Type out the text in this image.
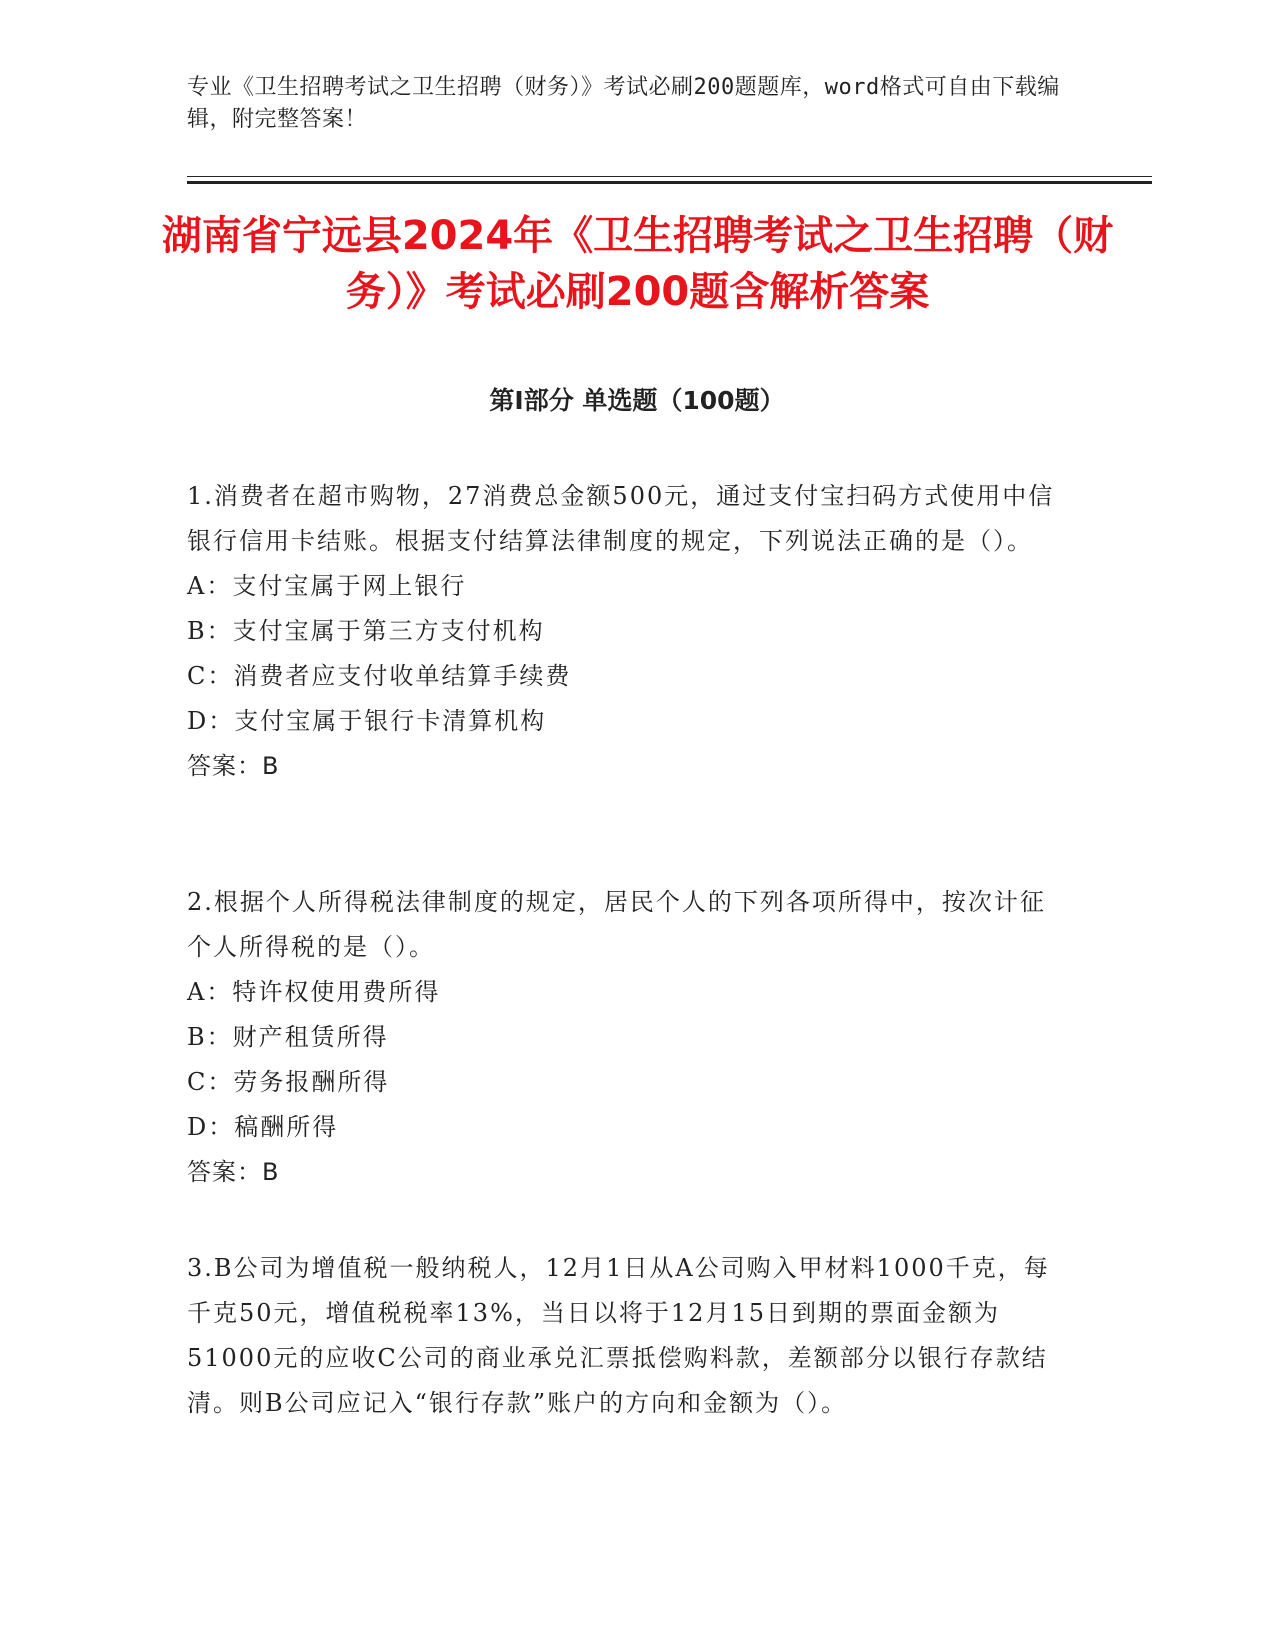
专业《卫生招聘考试之卫生招聘（财务）》考试必刷200题题库，word格式可自由下载编辑，附完整答案！
湖南省宁远县2024年《卫生招聘考试之卫生招聘（财务）》考试必刷200题含解析答案
第I部分 单选题（100题）
1.消费者在超市购物，27消费总金额500元，通过支付宝扫码方式使用中信银行信用卡结账。根据支付结算法律制度的规定，下列说法正确的是（）。
A：支付宝属于网上银行
B：支付宝属于第三方支付机构
C：消费者应支付收单结算手续费
D：支付宝属于银行卡清算机构
答案：B
2.根据个人所得税法律制度的规定，居民个人的下列各项所得中，按次计征个人所得税的是（）。
A：特许权使用费所得
B：财产租赁所得
C：劳务报酬所得
D：稿酬所得
答案：B
3.B公司为增值税一般纳税人，12月1日从A公司购入甲材料1000千克，每千克50元，增值税税率13%，当日以将于12月15日到期的票面金额为51000元的应收C公司的商业承兑汇票抵偿购料款，差额部分以银行存款结清。则B公司应记入“银行存款”账户的方向和金额为（）。
